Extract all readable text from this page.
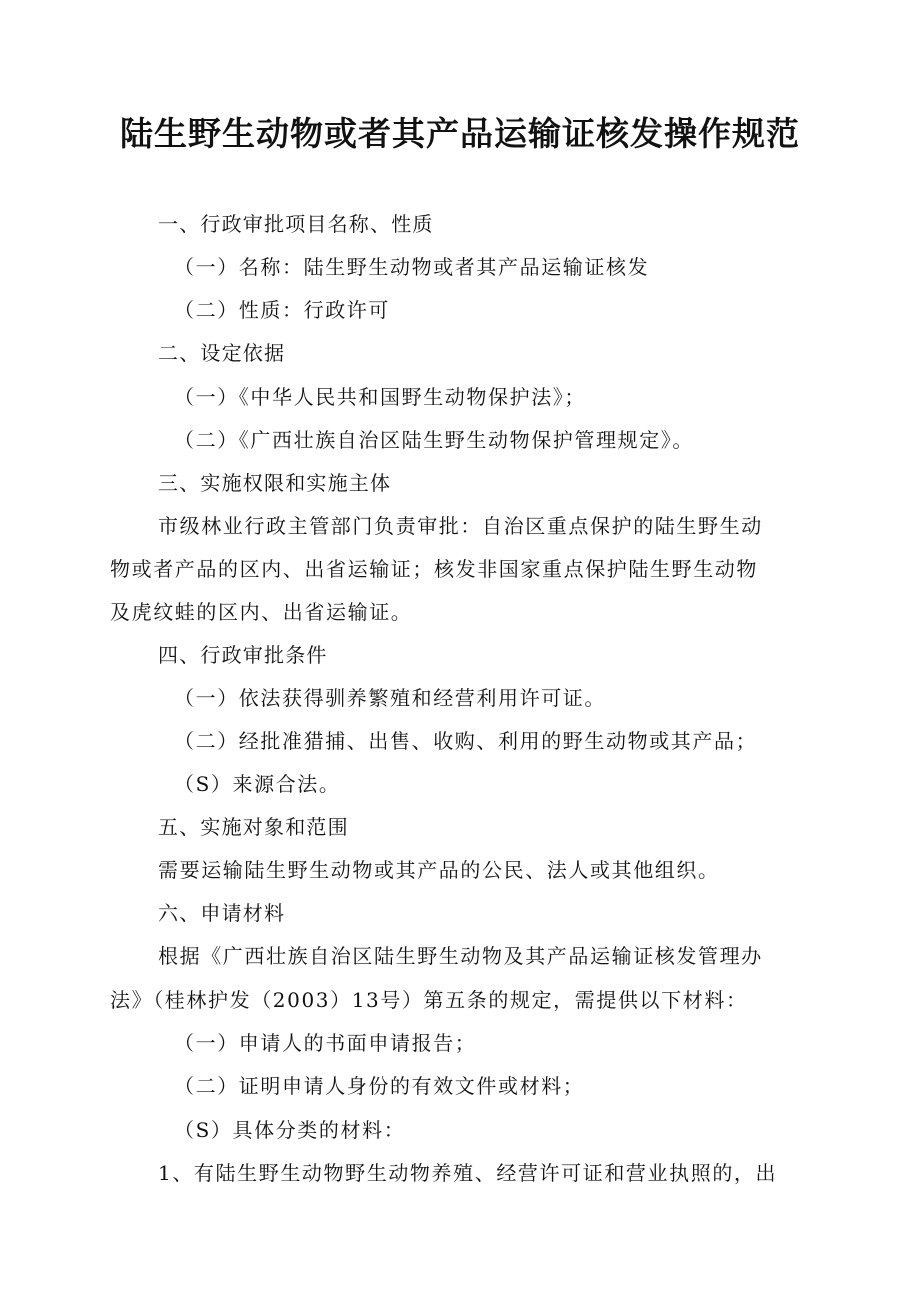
陆生野生动物或者其产品运输证核发操作规范

一、行政审批项目名称、性质

（一）名称：陆生野生动物或者其产品运输证核发

（二）性质：行政许可

二、设定依据

（一）《中华人民共和国野生动物保护法》；

（二）《广西壮族自治区陆生野生动物保护管理规定》。

三、实施权限和实施主体

市级林业行政主管部门负责审批：自治区重点保护的陆生野生动

物或者产品的区内、出省运输证；核发非国家重点保护陆生野生动物

及虎纹蛙的区内、出省运输证。

四、行政审批条件

（一）依法获得驯养繁殖和经营利用许可证。

（二）经批准猎捕、出售、收购、利用的野生动物或其产品；

（S）来源合法。

五、实施对象和范围

需要运输陆生野生动物或其产品的公民、法人或其他组织。

六、申请材料

根据《广西壮族自治区陆生野生动物及其产品运输证核发管理办

法》（桂林护发（2003）13号）第五条的规定，需提供以下材料：

（一）申请人的书面申请报告；

（二）证明申请人身份的有效文件或材料；

（S）具体分类的材料：

1、有陆生野生动物野生动物养殖、经营许可证和营业执照的，出
